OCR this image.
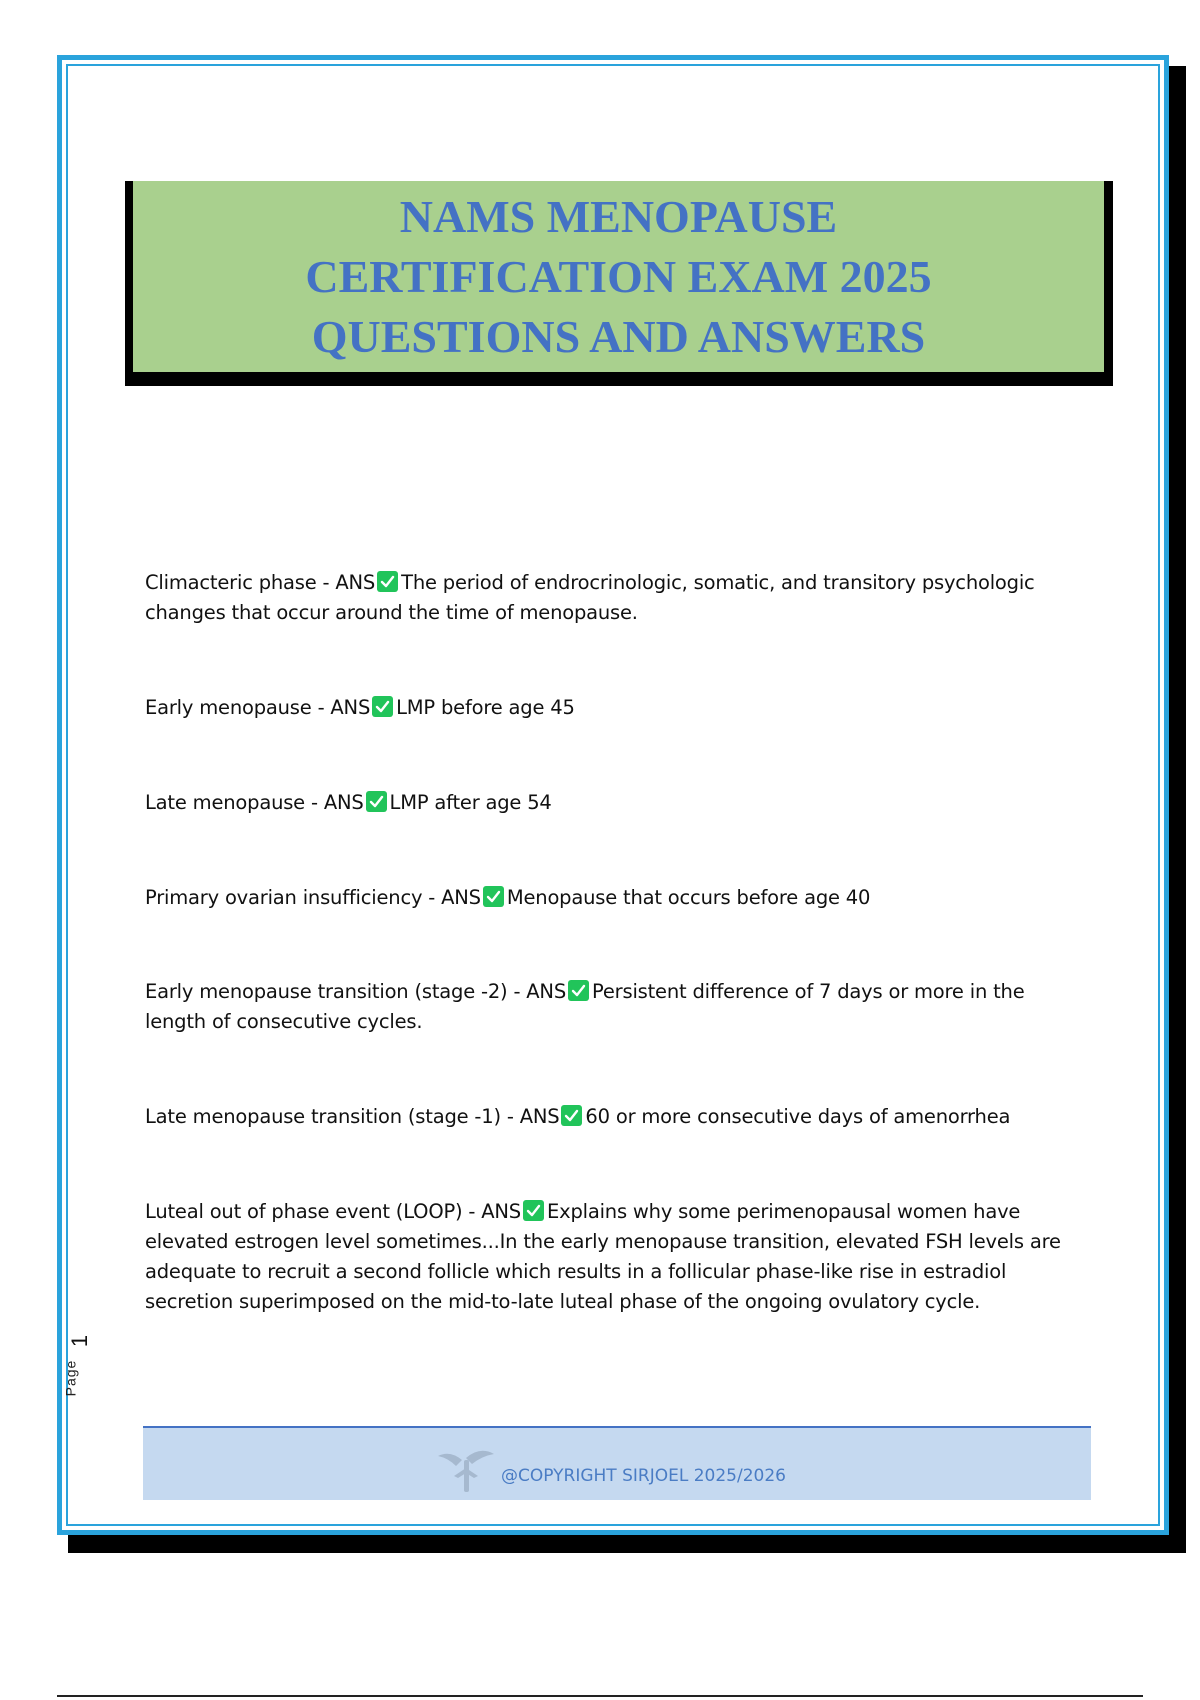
NAMS MENOPAUSE
CERTIFICATION EXAM 2025
QUESTIONS AND ANSWERS
Climacteric phase - ANS The period of endrocrinologic, somatic, and transitory psychologic changes that occur around the time of menopause.
Early menopause - ANS LMP before age 45
Late menopause - ANS LMP after age 54
Primary ovarian insufficiency - ANS Menopause that occurs before age 40
Early menopause transition (stage -2) - ANS Persistent difference of 7 days or more in the length of consecutive cycles.
Late menopause transition (stage -1) - ANS 60 or more consecutive days of amenorrhea
Luteal out of phase event (LOOP) - ANS Explains why some perimenopausal women have elevated estrogen level sometimes...In the early menopause transition, elevated FSH levels are adequate to recruit a second follicle which results in a follicular phase-like rise in estradiol secretion superimposed on the mid-to-late luteal phase of the ongoing ovulatory cycle.
1
Page
@COPYRIGHT SIRJOEL 2025/2026
